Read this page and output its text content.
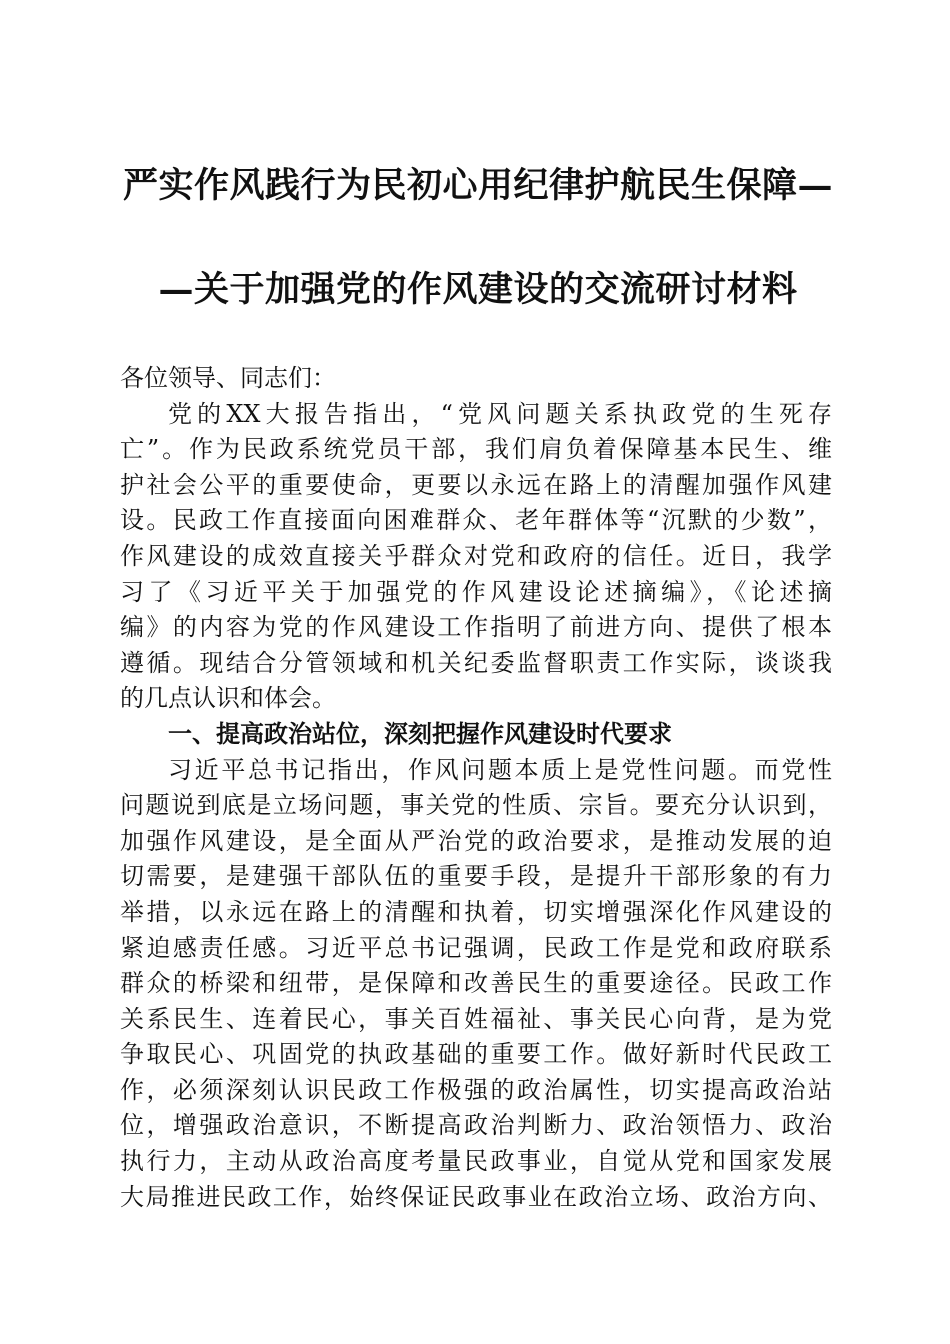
严实作风践行为民初心用纪律护航民生保障—
—关于加强党的作风建设的交流研讨材料
各位领导、同志们：
党的XX大报告指出，“党风问题关系执政党的生死存
亡”。作为民政系统党员干部，我们肩负着保障基本民生、维
护社会公平的重要使命，更要以永远在路上的清醒加强作风建
设。民政工作直接面向困难群众、老年群体等“沉默的少数”，
作风建设的成效直接关乎群众对党和政府的信任。近日，我学
习了《习近平关于加强党的作风建设论述摘编》，《论述摘
编》的内容为党的作风建设工作指明了前进方向、提供了根本
遵循。现结合分管领域和机关纪委监督职责工作实际，谈谈我
的几点认识和体会。
一、提高政治站位，深刻把握作风建设时代要求
习近平总书记指出，作风问题本质上是党性问题。而党性
问题说到底是立场问题，事关党的性质、宗旨。要充分认识到，
加强作风建设，是全面从严治党的政治要求，是推动发展的迫
切需要，是建强干部队伍的重要手段，是提升干部形象的有力
举措，以永远在路上的清醒和执着，切实增强深化作风建设的
紧迫感责任感。习近平总书记强调，民政工作是党和政府联系
群众的桥梁和纽带，是保障和改善民生的重要途径。民政工作
关系民生、连着民心，事关百姓福祉、事关民心向背，是为党
争取民心、巩固党的执政基础的重要工作。做好新时代民政工
作，必须深刻认识民政工作极强的政治属性，切实提高政治站
位，增强政治意识，不断提高政治判断力、政治领悟力、政治
执行力，主动从政治高度考量民政事业，自觉从党和国家发展
大局推进民政工作，始终保证民政事业在政治立场、政治方向、
